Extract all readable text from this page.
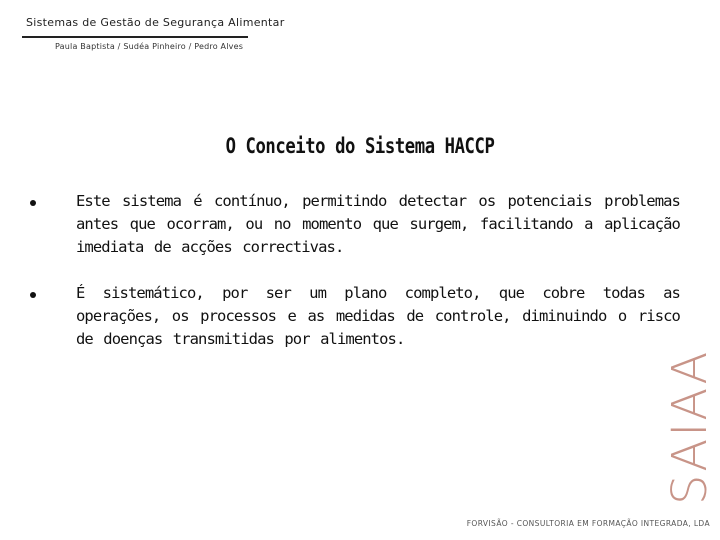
Sistemas de Gestão de Segurança Alimentar
Paula Baptista / Sudéa Pinheiro / Pedro Alves
O Conceito do Sistema HACCP
Este sistema é contínuo, permitindo detectar os potenciais problemas antes que ocorram, ou no momento que surgem, facilitando a aplicação imediata de acções correctivas.
É sistemático, por ser um plano completo, que cobre todas as operações, os processos e as medidas de controle, diminuindo o risco de doenças transmitidas por alimentos.
SAIAA
FORVISÃO - CONSULTORIA EM FORMAÇÃO INTEGRADA, LDA
